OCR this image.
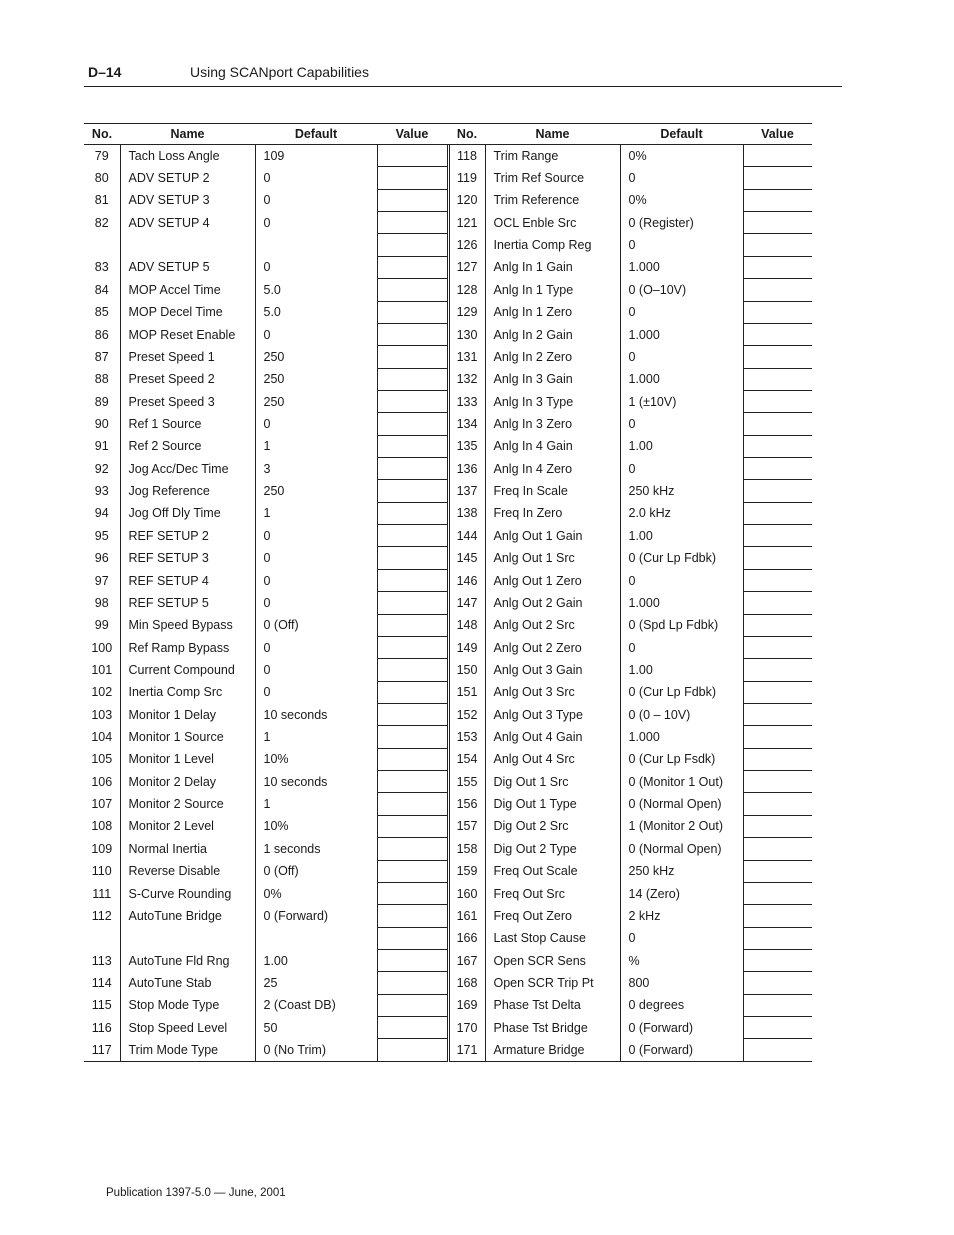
D–14	Using SCANport Capabilities
No.	Name	Default	Value		No.	Name	Default	Value
79	Tach Loss Angle	109			118	Trim Range	0%	
80	ADV SETUP 2	0			119	Trim Ref Source	0	
81	ADV SETUP 3	0			120	Trim Reference	0%	
82	ADV SETUP 4	0			121	OCL Enble Src	0 (Register)	
					126	Inertia Comp Reg	0	
83	ADV SETUP 5	0			127	Anlg In 1 Gain	1.000	
84	MOP Accel Time	5.0			128	Anlg In 1 Type	0 (O–10V)	
85	MOP Decel Time	5.0			129	Anlg In 1 Zero	0	
86	MOP Reset Enable	0			130	Anlg In 2 Gain	1.000	
87	Preset Speed 1	250			131	Anlg In 2 Zero	0	
88	Preset Speed 2	250			132	Anlg In 3 Gain	1.000	
89	Preset Speed 3	250			133	Anlg In 3 Type	1 (±10V)	
90	Ref 1 Source	0			134	Anlg In 3 Zero	0	
91	Ref 2 Source	1			135	Anlg In 4 Gain	1.00	
92	Jog Acc/Dec Time	3			136	Anlg In 4 Zero	0	
93	Jog Reference	250			137	Freq In Scale	250 kHz	
94	Jog Off Dly Time	1			138	Freq In Zero	2.0 kHz	
95	REF SETUP 2	0			144	Anlg Out 1 Gain	1.00	
96	REF SETUP 3	0			145	Anlg Out 1 Src	0 (Cur Lp Fdbk)	
97	REF SETUP 4	0			146	Anlg Out 1 Zero	0	
98	REF SETUP 5	0			147	Anlg Out 2 Gain	1.000	
99	Min Speed Bypass	0 (Off)			148	Anlg Out 2 Src	0 (Spd Lp Fdbk)	
100	Ref Ramp Bypass	0			149	Anlg Out 2 Zero	0	
101	Current Compound	0			150	Anlg Out 3 Gain	1.00	
102	Inertia Comp Src	0			151	Anlg Out 3 Src	0 (Cur Lp Fdbk)	
103	Monitor 1 Delay	10 seconds			152	Anlg Out 3 Type	0 (0 – 10V)	
104	Monitor 1 Source	1			153	Anlg Out 4 Gain	1.000	
105	Monitor 1 Level	10%			154	Anlg Out 4 Src	0 (Cur Lp Fsdk)	
106	Monitor 2 Delay	10 seconds			155	Dig Out 1 Src	0 (Monitor 1 Out)	
107	Monitor 2 Source	1			156	Dig Out 1 Type	0 (Normal Open)	
108	Monitor 2 Level	10%			157	Dig Out 2 Src	1 (Monitor 2 Out)	
109	Normal Inertia	1 seconds			158	Dig Out 2 Type	0 (Normal Open)	
110	Reverse Disable	0 (Off)			159	Freq Out Scale	250 kHz	
111	S-Curve Rounding	0%			160	Freq Out Src	14 (Zero)	
112	AutoTune Bridge	0 (Forward)			161	Freq Out Zero	2 kHz	
					166	Last Stop Cause	0	
113	AutoTune Fld Rng	1.00			167	Open SCR Sens	%	
114	AutoTune Stab	25			168	Open SCR Trip Pt	800	
115	Stop Mode Type	2 (Coast DB)			169	Phase Tst Delta	0 degrees	
116	Stop Speed Level	50			170	Phase Tst Bridge	0 (Forward)	
117	Trim Mode Type	0 (No Trim)			171	Armature Bridge	0 (Forward)	
Publication 1397-5.0 — June, 2001
